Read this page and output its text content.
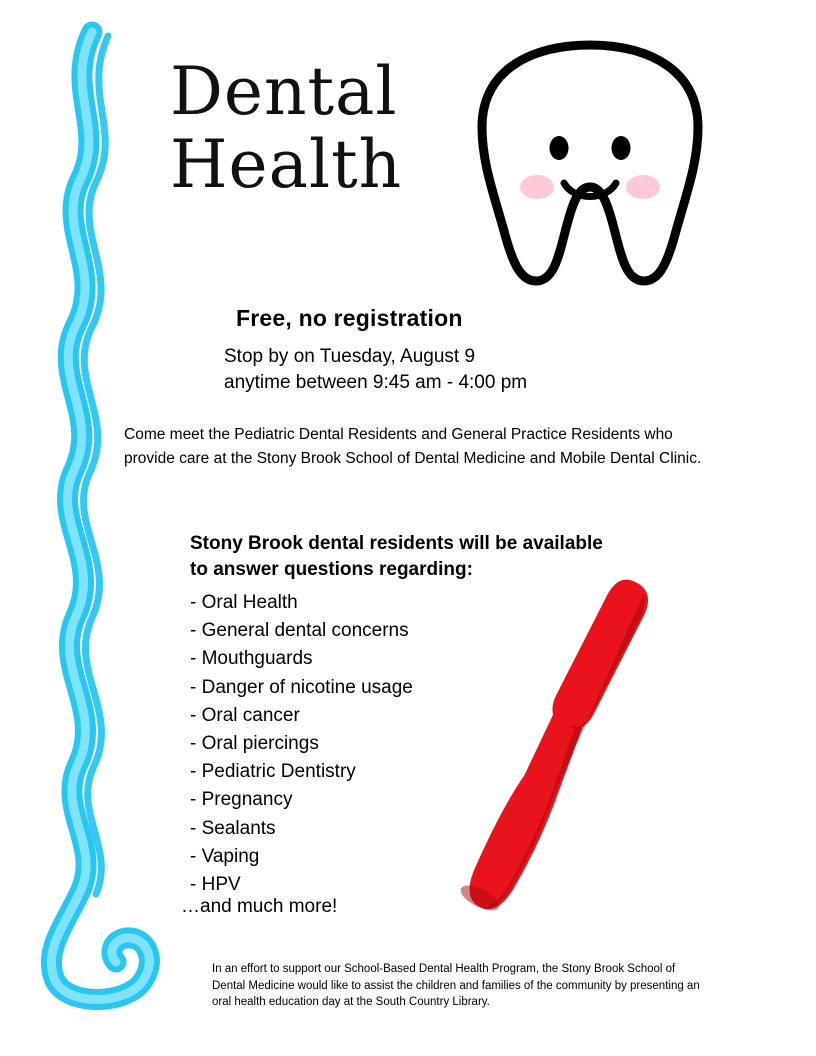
Dental
Health
Free, no registration
Stop by on Tuesday, August 9
anytime between 9:45 am - 4:00 pm
Come meet the Pediatric Dental Residents and General Practice Residents who provide care at the Stony Brook School of Dental Medicine and Mobile Dental Clinic.
Stony Brook dental residents will be available
to answer questions regarding:
- Oral Health
- General dental concerns
- Mouthguards
- Danger of nicotine usage
- Oral cancer
- Oral piercings
- Pediatric Dentistry
- Pregnancy
- Sealants
- Vaping
- HPV
…and much more!
In an effort to support our School-Based Dental Health Program, the Stony Brook School of Dental Medicine would like to assist the children and families of the community by presenting an oral health education day at the South Country Library.
